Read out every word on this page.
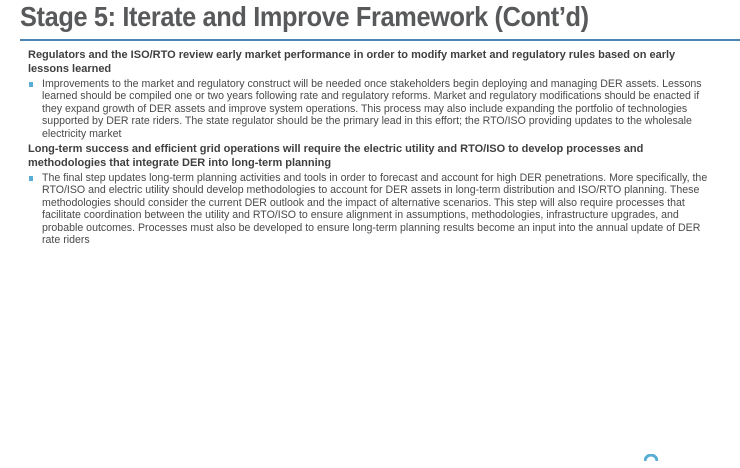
Stage 5: Iterate and Improve Framework (Cont’d)

Regulators and the ISO/RTO review early market performance in order to modify market and regulatory rules based on early lessons learned

Improvements to the market and regulatory construct will be needed once stakeholders begin deploying and managing DER assets. Lessons learned should be compiled one or two years following rate and regulatory reforms. Market and regulatory modifications should be enacted if they expand growth of DER assets and improve system operations. This process may also include expanding the portfolio of technologies supported by DER rate riders. The state regulator should be the primary lead in this effort; the RTO/ISO providing updates to the wholesale electricity market

Long-term success and efficient grid operations will require the electric utility and RTO/ISO to develop processes and methodologies that integrate DER into long-term planning

The final step updates long-term planning activities and tools in order to forecast and account for high DER penetrations. More specifically, the RTO/ISO and electric utility should develop methodologies to account for DER assets in long-term distribution and ISO/RTO planning. These methodologies should consider the current DER outlook and the impact of alternative scenarios. This step will also require processes that facilitate coordination between the utility and RTO/ISO to ensure alignment in assumptions, methodologies, infrastructure upgrades, and probable outcomes. Processes must also be developed to ensure long-term planning results become an input into the annual update of DER rate riders
